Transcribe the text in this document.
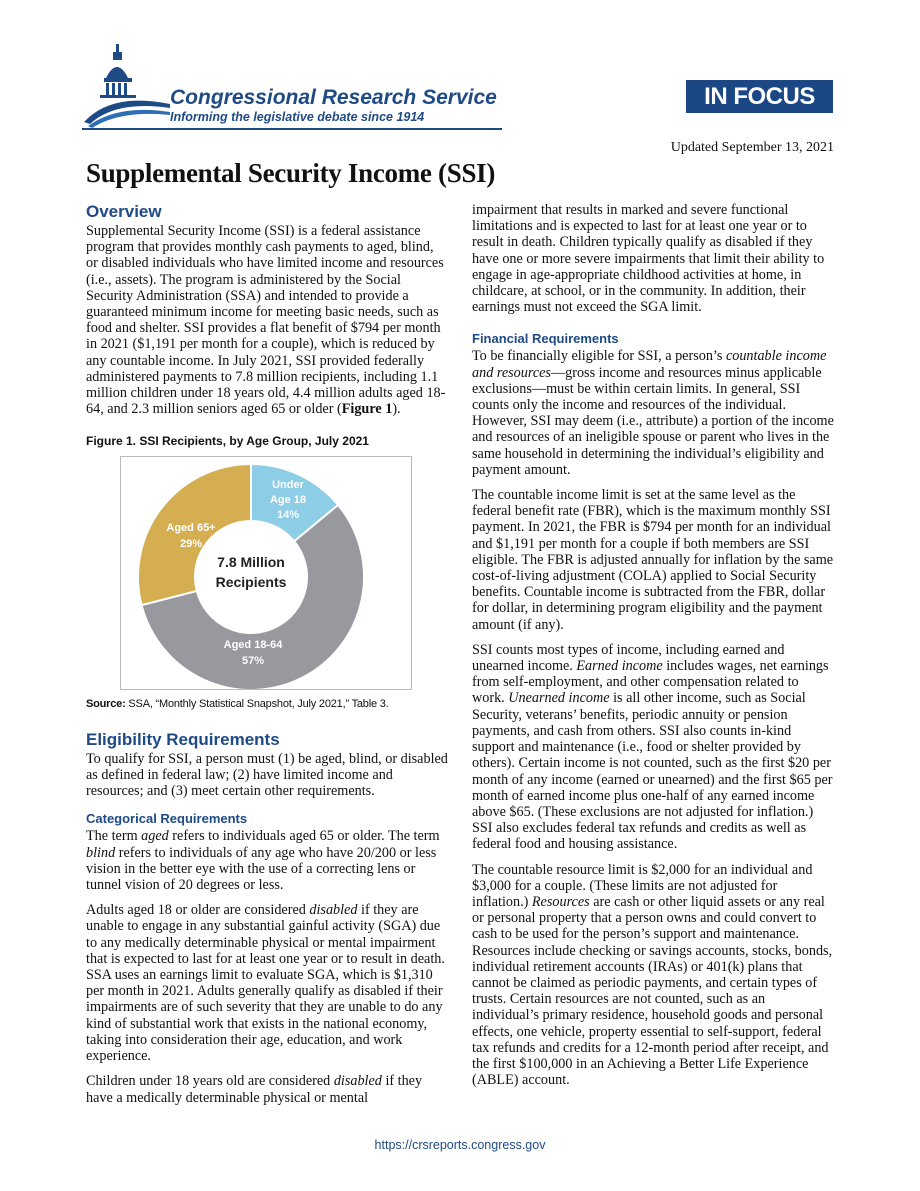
Congressional Research Service
Informing the legislative debate since 1914
IN FOCUS
Updated September 13, 2021
Supplemental Security Income (SSI)
Overview

Supplemental Security Income (SSI) is a federal assistance program that provides monthly cash payments to aged, blind, or disabled individuals who have limited income and resources (i.e., assets). The program is administered by the Social Security Administration (SSA) and intended to provide a guaranteed minimum income for meeting basic needs, such as food and shelter. SSI provides a flat benefit of $794 per month in 2021 ($1,191 per month for a couple), which is reduced by any countable income. In July 2021, SSI provided federally administered payments to 7.8 million recipients, including 1.1 million children under 18 years old, 4.4 million adults aged 18-64, and 2.3 million seniors aged 65 or older (Figure 1).

Figure 1. SSI Recipients, by Age Group, July 2021
7.8 Million
Recipients
Under
Age 18
14%
Aged 18-64
57%
Aged 65+
29%
Source: SSA, “Monthly Statistical Snapshot, July 2021,” Table 3.
Eligibility Requirements

To qualify for SSI, a person must (1) be aged, blind, or disabled as defined in federal law; (2) have limited income and resources; and (3) meet certain other requirements.

Categorical Requirements

The term aged refers to individuals aged 65 or older. The term blind refers to individuals of any age who have 20/200 or less vision in the better eye with the use of a correcting lens or tunnel vision of 20 degrees or less.

Adults aged 18 or older are considered disabled if they are unable to engage in any substantial gainful activity (SGA) due to any medically determinable physical or mental impairment that is expected to last for at least one year or to result in death. SSA uses an earnings limit to evaluate SGA, which is $1,310 per month in 2021. Adults generally qualify as disabled if their impairments are of such severity that they are unable to do any kind of substantial work that exists in the national economy, taking into consideration their age, education, and work experience.

Children under 18 years old are considered disabled if they have a medically determinable physical or mental

impairment that results in marked and severe functional limitations and is expected to last for at least one year or to result in death. Children typically qualify as disabled if they have one or more severe impairments that limit their ability to engage in age-appropriate childhood activities at home, in childcare, at school, or in the community. In addition, their earnings must not exceed the SGA limit.

Financial Requirements

To be financially eligible for SSI, a person’s countable income and resources—gross income and resources minus applicable exclusions—must be within certain limits. In general, SSI counts only the income and resources of the individual. However, SSI may deem (i.e., attribute) a portion of the income and resources of an ineligible spouse or parent who lives in the same household in determining the individual’s eligibility and payment amount.

The countable income limit is set at the same level as the federal benefit rate (FBR), which is the maximum monthly SSI payment. In 2021, the FBR is $794 per month for an individual and $1,191 per month for a couple if both members are SSI eligible. The FBR is adjusted annually for inflation by the same cost-of-living adjustment (COLA) applied to Social Security benefits. Countable income is subtracted from the FBR, dollar for dollar, in determining program eligibility and the payment amount (if any).

SSI counts most types of income, including earned and unearned income. Earned income includes wages, net earnings from self-employment, and other compensation related to work. Unearned income is all other income, such as Social Security, veterans’ benefits, periodic annuity or pension payments, and cash from others. SSI also counts in-kind support and maintenance (i.e., food or shelter provided by others). Certain income is not counted, such as the first $20 per month of any income (earned or unearned) and the first $65 per month of earned income plus one-half of any earned income above $65. (These exclusions are not adjusted for inflation.) SSI also excludes federal tax refunds and credits as well as federal food and housing assistance.

The countable resource limit is $2,000 for an individual and $3,000 for a couple. (These limits are not adjusted for inflation.) Resources are cash or other liquid assets or any real or personal property that a person owns and could convert to cash to be used for the person’s support and maintenance. Resources include checking or savings accounts, stocks, bonds, individual retirement accounts (IRAs) or 401(k) plans that cannot be claimed as periodic payments, and certain types of trusts. Certain resources are not counted, such as an individual’s primary residence, household goods and personal effects, one vehicle, property essential to self-support, federal tax refunds and credits for a 12-month period after receipt, and the first $100,000 in an Achieving a Better Life Experience (ABLE) account.

https://crsreports.congress.gov
